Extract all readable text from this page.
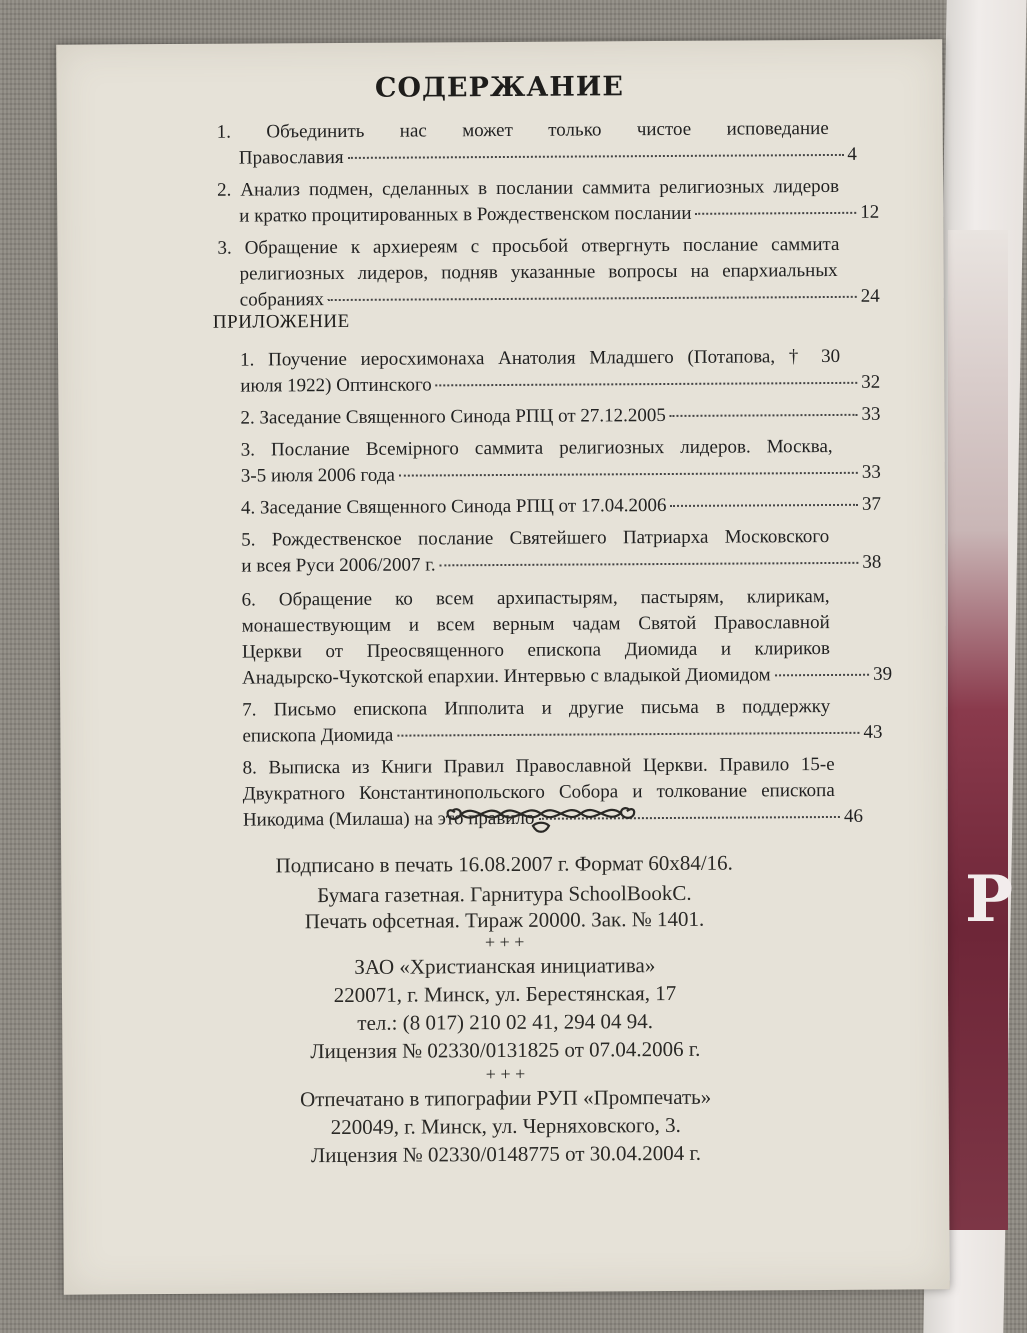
Р
СОДЕРЖАНИЕ
1. Объединить нас может только чистое исповедание
Православия	4
2. Анализ подмен, сделанных в послании саммита религиозных лидеров
и кратко процитированных в Рождественском послании	12
3. Обращение к архиереям с просьбой отвергнуть послание саммита
религиозных лидеров, подняв указанные вопросы на епархиальных
собраниях	24
ПРИЛОЖЕНИЕ
1. Поучение иеросхимонаха Анатолия Младшего (Потапова, † 30
июля 1922) Оптинского	32
2. Заседание Священного Синода РПЦ от 27.12.2005	33
3. Послание Всемірного саммита религиозных лидеров. Москва,
3-5 июля 2006 года	33
4. Заседание Священного Синода РПЦ от 17.04.2006	37
5. Рождественское послание Святейшего Патриарха Московского
и всея Руси 2006/2007 г.	38
6. Обращение ко всем архипастырям, пастырям, клирикам,
монашествующим и всем верным чадам Святой Православной
Церкви от Преосвященного епископа Диомида и клириков
Анадырско-Чукотской епархии. Интервью с владыкой Диомидом	39
7. Письмо епископа Ипполита и другие письма в поддержку
епископа Диомида	43
8. Выписка из Книги Правил Православной Церкви. Правило 15-е
Двукратного Константинопольского Собора и толкование епископа
Никодима (Милаша) на это правило	46
Подписано в печать 16.08.2007 г. Формат 60x84/16.
Бумага газетная. Гарнитура SchoolBookC.
Печать офсетная. Тираж 20000. Зак. № 1401.
+ + +
ЗАО «Христианская инициатива»
220071, г. Минск, ул. Берестянская, 17
тел.: (8 017) 210 02 41, 294 04 94.
Лицензия № 02330/0131825 от 07.04.2006 г.
+ + +
Отпечатано в типографии РУП «Промпечать»
220049, г. Минск, ул. Черняховского, 3.
Лицензия № 02330/0148775 от 30.04.2004 г.
